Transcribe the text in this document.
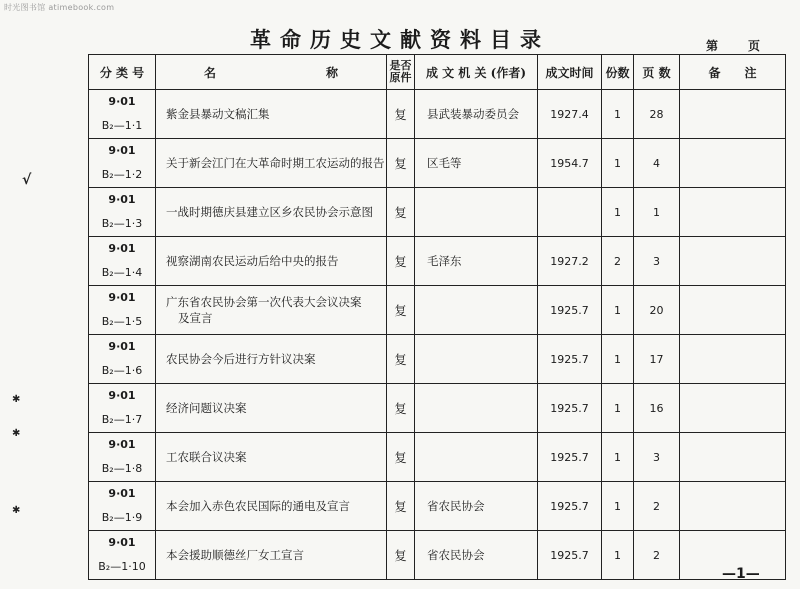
时光图书馆 atimebook.com
革命历史文献资料目录	第	页
√
✱
✱
✱
分 类 号	名 称	是否原件	成 文 机 关 (作者)	成文时间	份数	页 数	备　　注

9·01
B₂—1·1	紫金县暴动文稿汇集	复	县武装暴动委员会	1927.4	1	28	

9·01
B₂—1·2	关于新会江门在大革命时期工农运动的报告	复	区毛等	1954.7	1	4	

9·01
B₂—1·3	一战时期德庆县建立区乡农民协会示意图	复			1	1	

9·01
B₂—1·4	视察湖南农民运动后给中央的报告	复	毛泽东	1927.2	2	3	

9·01
B₂—1·5	广东省农民协会第一次代表大会议决案
及宣言	复		1925.7	1	20	

9·01
B₂—1·6	农民协会今后进行方针议决案	复		1925.7	1	17	

9·01
B₂—1·7	经济问题议决案	复		1925.7	1	16	

9·01
B₂—1·8	工农联合议决案	复		1925.7	1	3	

9·01
B₂—1·9	本会加入赤色农民国际的通电及宣言	复	省农民协会	1925.7	1	2	

9·01
B₂—1·10	本会援助顺德丝厂女工宣言	复	省农民协会	1925.7	1	2	
—1—
